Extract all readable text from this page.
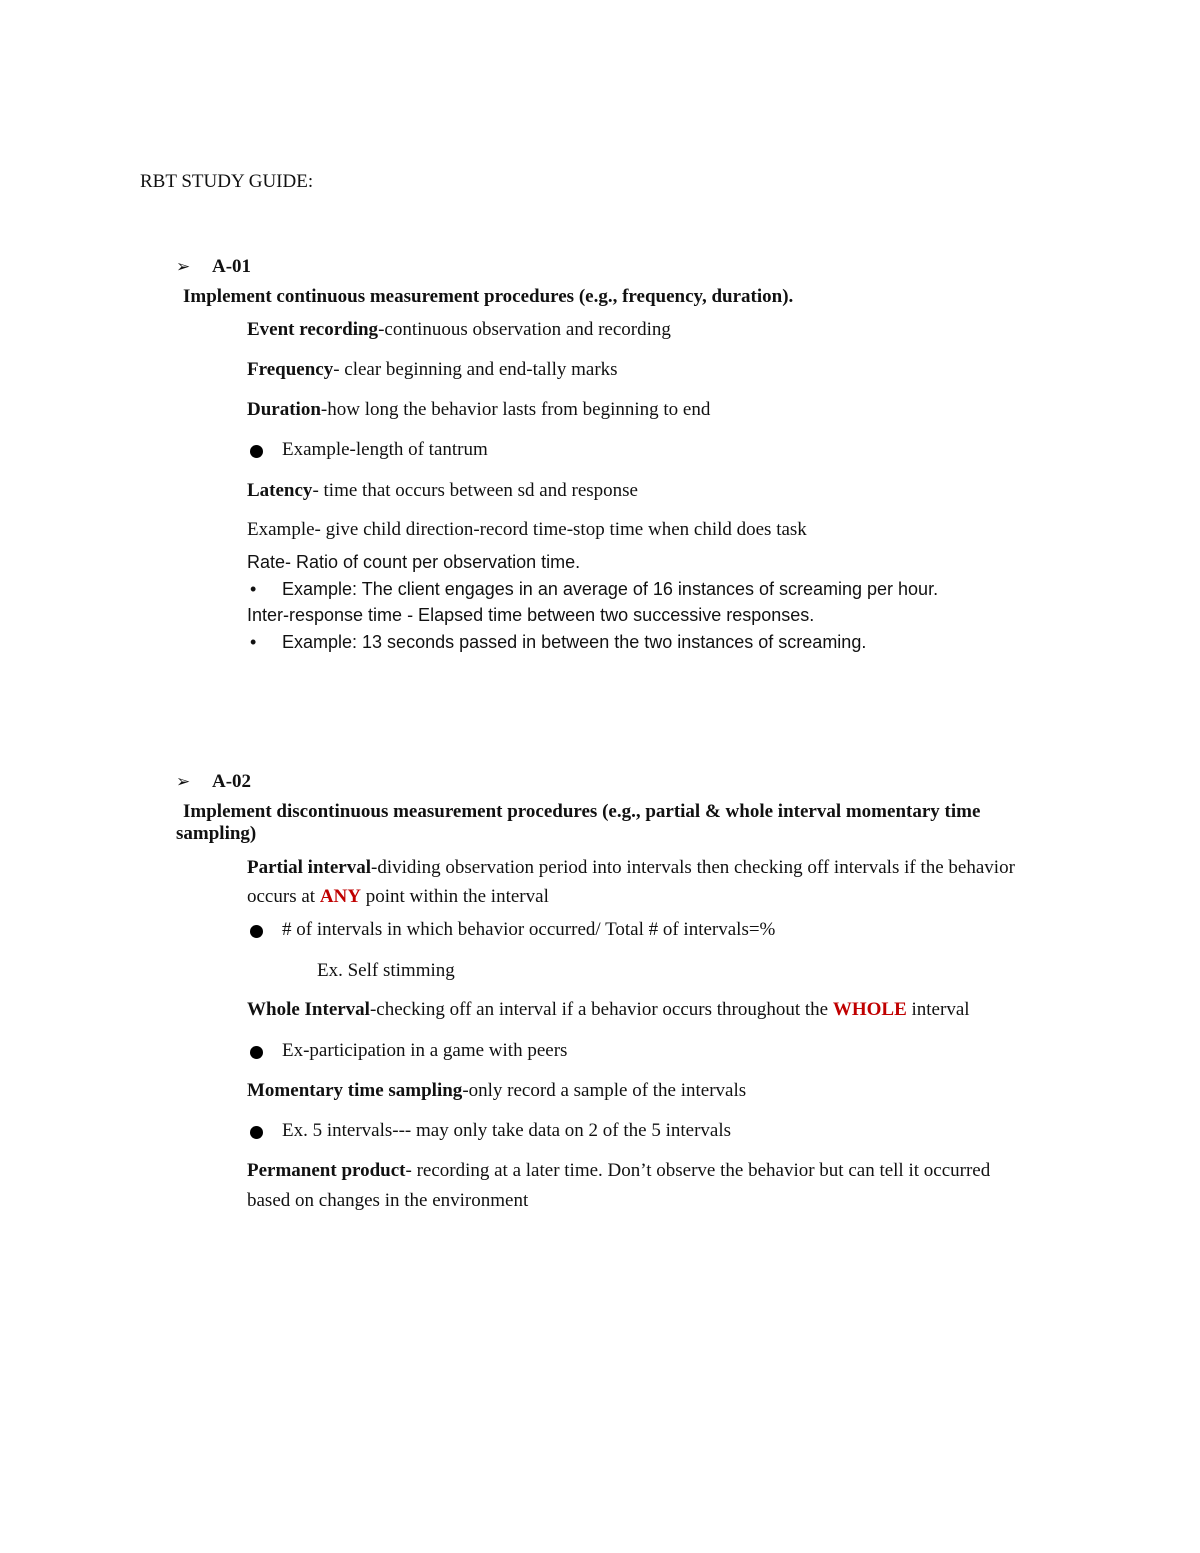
RBT STUDY GUIDE:
➢ A-01
Implement continuous measurement procedures (e.g., frequency, duration).
Event recording-continuous observation and recording
Frequency- clear beginning and end-tally marks
Duration-how long the behavior lasts from beginning to end
Example-length of tantrum
Latency- time that occurs between sd and response
Example- give child direction-record time-stop time when child does task
Rate- Ratio of count per observation time.
• Example: The client engages in an average of 16 instances of screaming per hour.
Inter-response time - Elapsed time between two successive responses.
• Example: 13 seconds passed in between the two instances of screaming.
➢ A-02
Implement discontinuous measurement procedures (e.g., partial & whole interval momentary time
sampling)
Partial interval-dividing observation period into intervals then checking off intervals if the behavior
occurs at ANY point within the interval
# of intervals in which behavior occurred/ Total # of intervals=%
Ex. Self stimming
Whole Interval-checking off an interval if a behavior occurs throughout the WHOLE interval
Ex-participation in a game with peers
Momentary time sampling-only record a sample of the intervals
Ex. 5 intervals--- may only take data on 2 of the 5 intervals
Permanent product- recording at a later time. Don’t observe the behavior but can tell it occurred
based on changes in the environment
